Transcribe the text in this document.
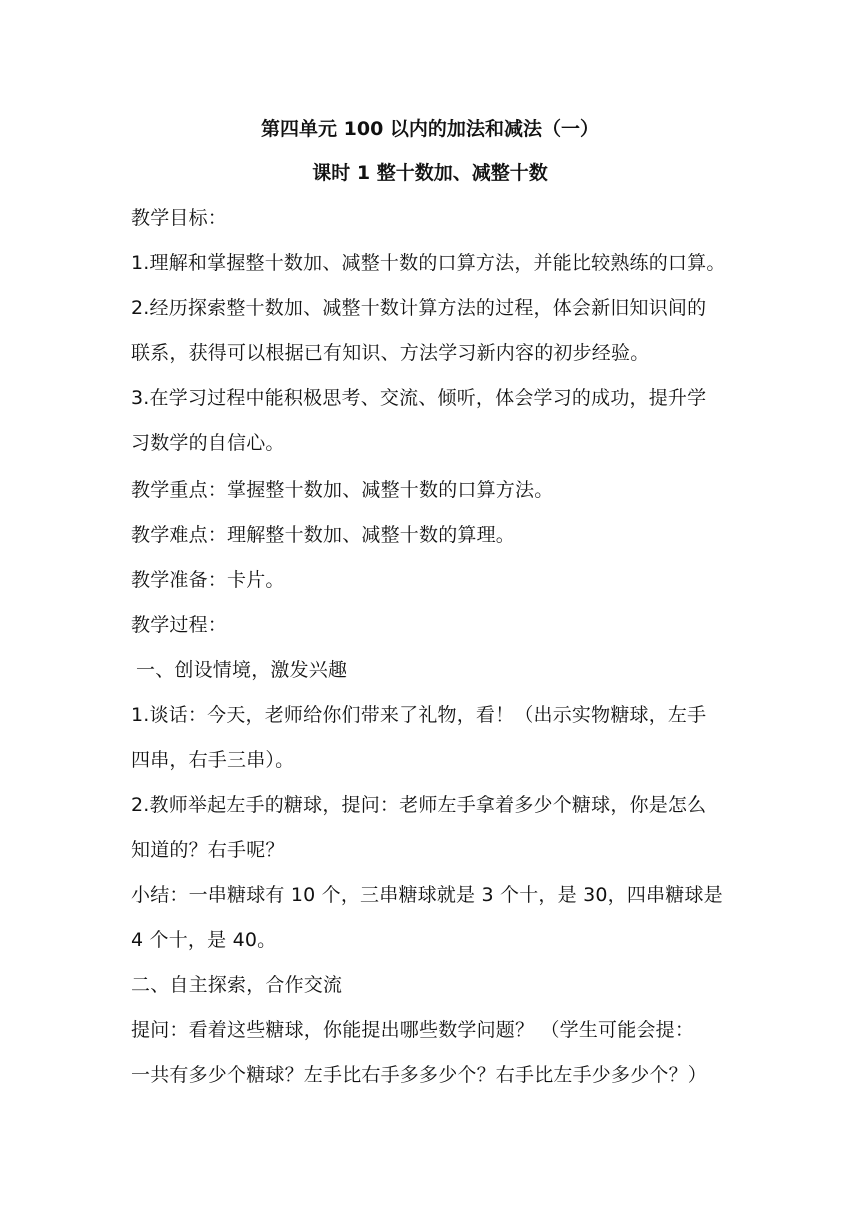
第四单元 100 以内的加法和减法（一）
课时 1 整十数加、减整十数
教学目标：
1.理解和掌握整十数加、减整十数的口算方法，并能比较熟练的口算。
2.经历探索整十数加、减整十数计算方法的过程，体会新旧知识间的
联系，获得可以根据已有知识、方法学习新内容的初步经验。
3.在学习过程中能积极思考、交流、倾听，体会学习的成功，提升学
习数学的自信心。
教学重点：掌握整十数加、减整十数的口算方法。
教学难点：理解整十数加、减整十数的算理。
教学准备：卡片。
教学过程：
一、创设情境，激发兴趣
1.谈话：今天，老师给你们带来了礼物，看！（出示实物糖球，左手
四串，右手三串）。
2.教师举起左手的糖球，提问：老师左手拿着多少个糖球，你是怎么
知道的？右手呢？
小结：一串糖球有 10 个，三串糖球就是 3 个十，是 30，四串糖球是
4 个十，是 40。
二、自主探索，合作交流
提问：看着这些糖球，你能提出哪些数学问题？ （学生可能会提：
一共有多少个糖球？左手比右手多多少个？右手比左手少多少个？）
